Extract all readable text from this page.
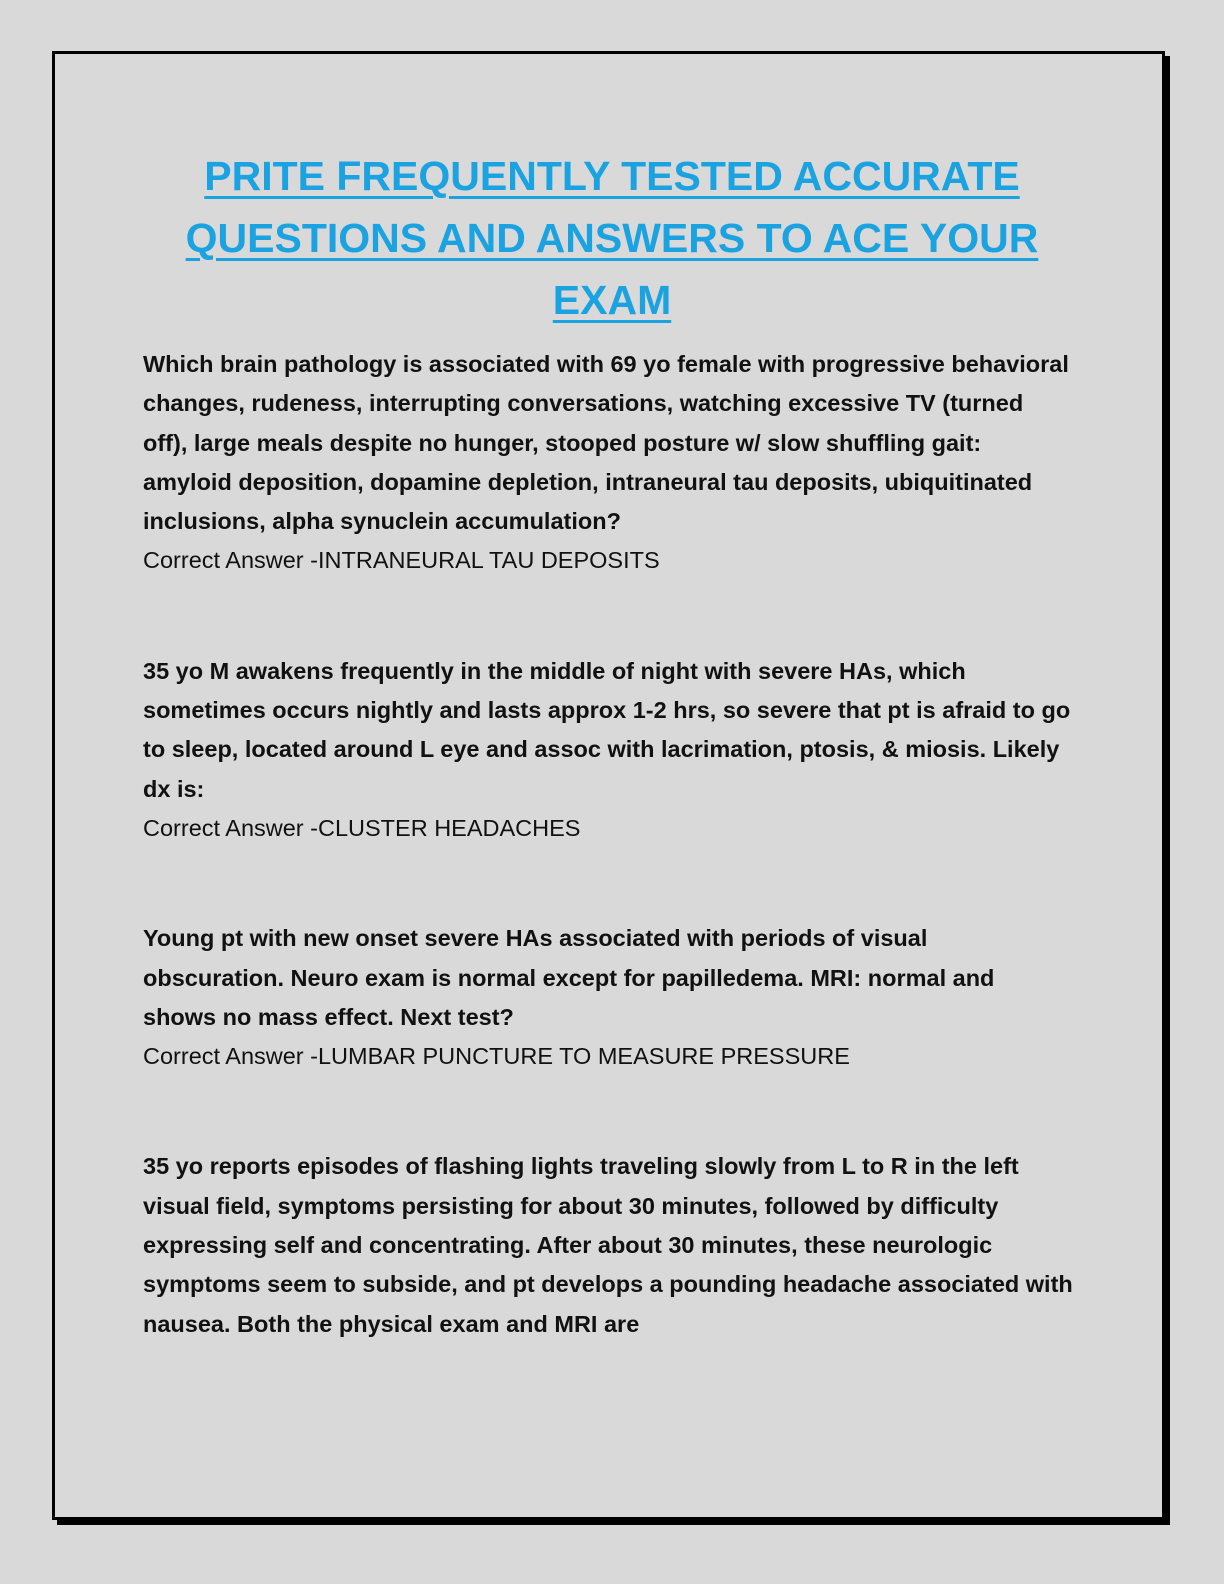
PRITE FREQUENTLY TESTED ACCURATE QUESTIONS AND ANSWERS TO ACE YOUR EXAM

Which brain pathology is associated with 69 yo female with progressive behavioral changes, rudeness, interrupting conversations, watching excessive TV (turned off), large meals despite no hunger, stooped posture w/ slow shuffling gait: amyloid deposition, dopamine depletion, intraneural tau deposits, ubiquitinated inclusions, alpha synuclein accumulation?

Correct Answer -INTRANEURAL TAU DEPOSITS

35 yo M awakens frequently in the middle of night with severe HAs, which sometimes occurs nightly and lasts approx 1-2 hrs, so severe that pt is afraid to go to sleep, located around L eye and assoc with lacrimation, ptosis, & miosis. Likely dx is:

Correct Answer -CLUSTER HEADACHES

Young pt with new onset severe HAs associated with periods of visual obscuration. Neuro exam is normal except for papilledema. MRI: normal and shows no mass effect. Next test?

Correct Answer -LUMBAR PUNCTURE TO MEASURE PRESSURE

35 yo reports episodes of flashing lights traveling slowly from L to R in the left visual field, symptoms persisting for about 30 minutes, followed by difficulty expressing self and concentrating. After about 30 minutes, these neurologic symptoms seem to subside, and pt develops a pounding headache associated with nausea. Both the physical exam and MRI are
